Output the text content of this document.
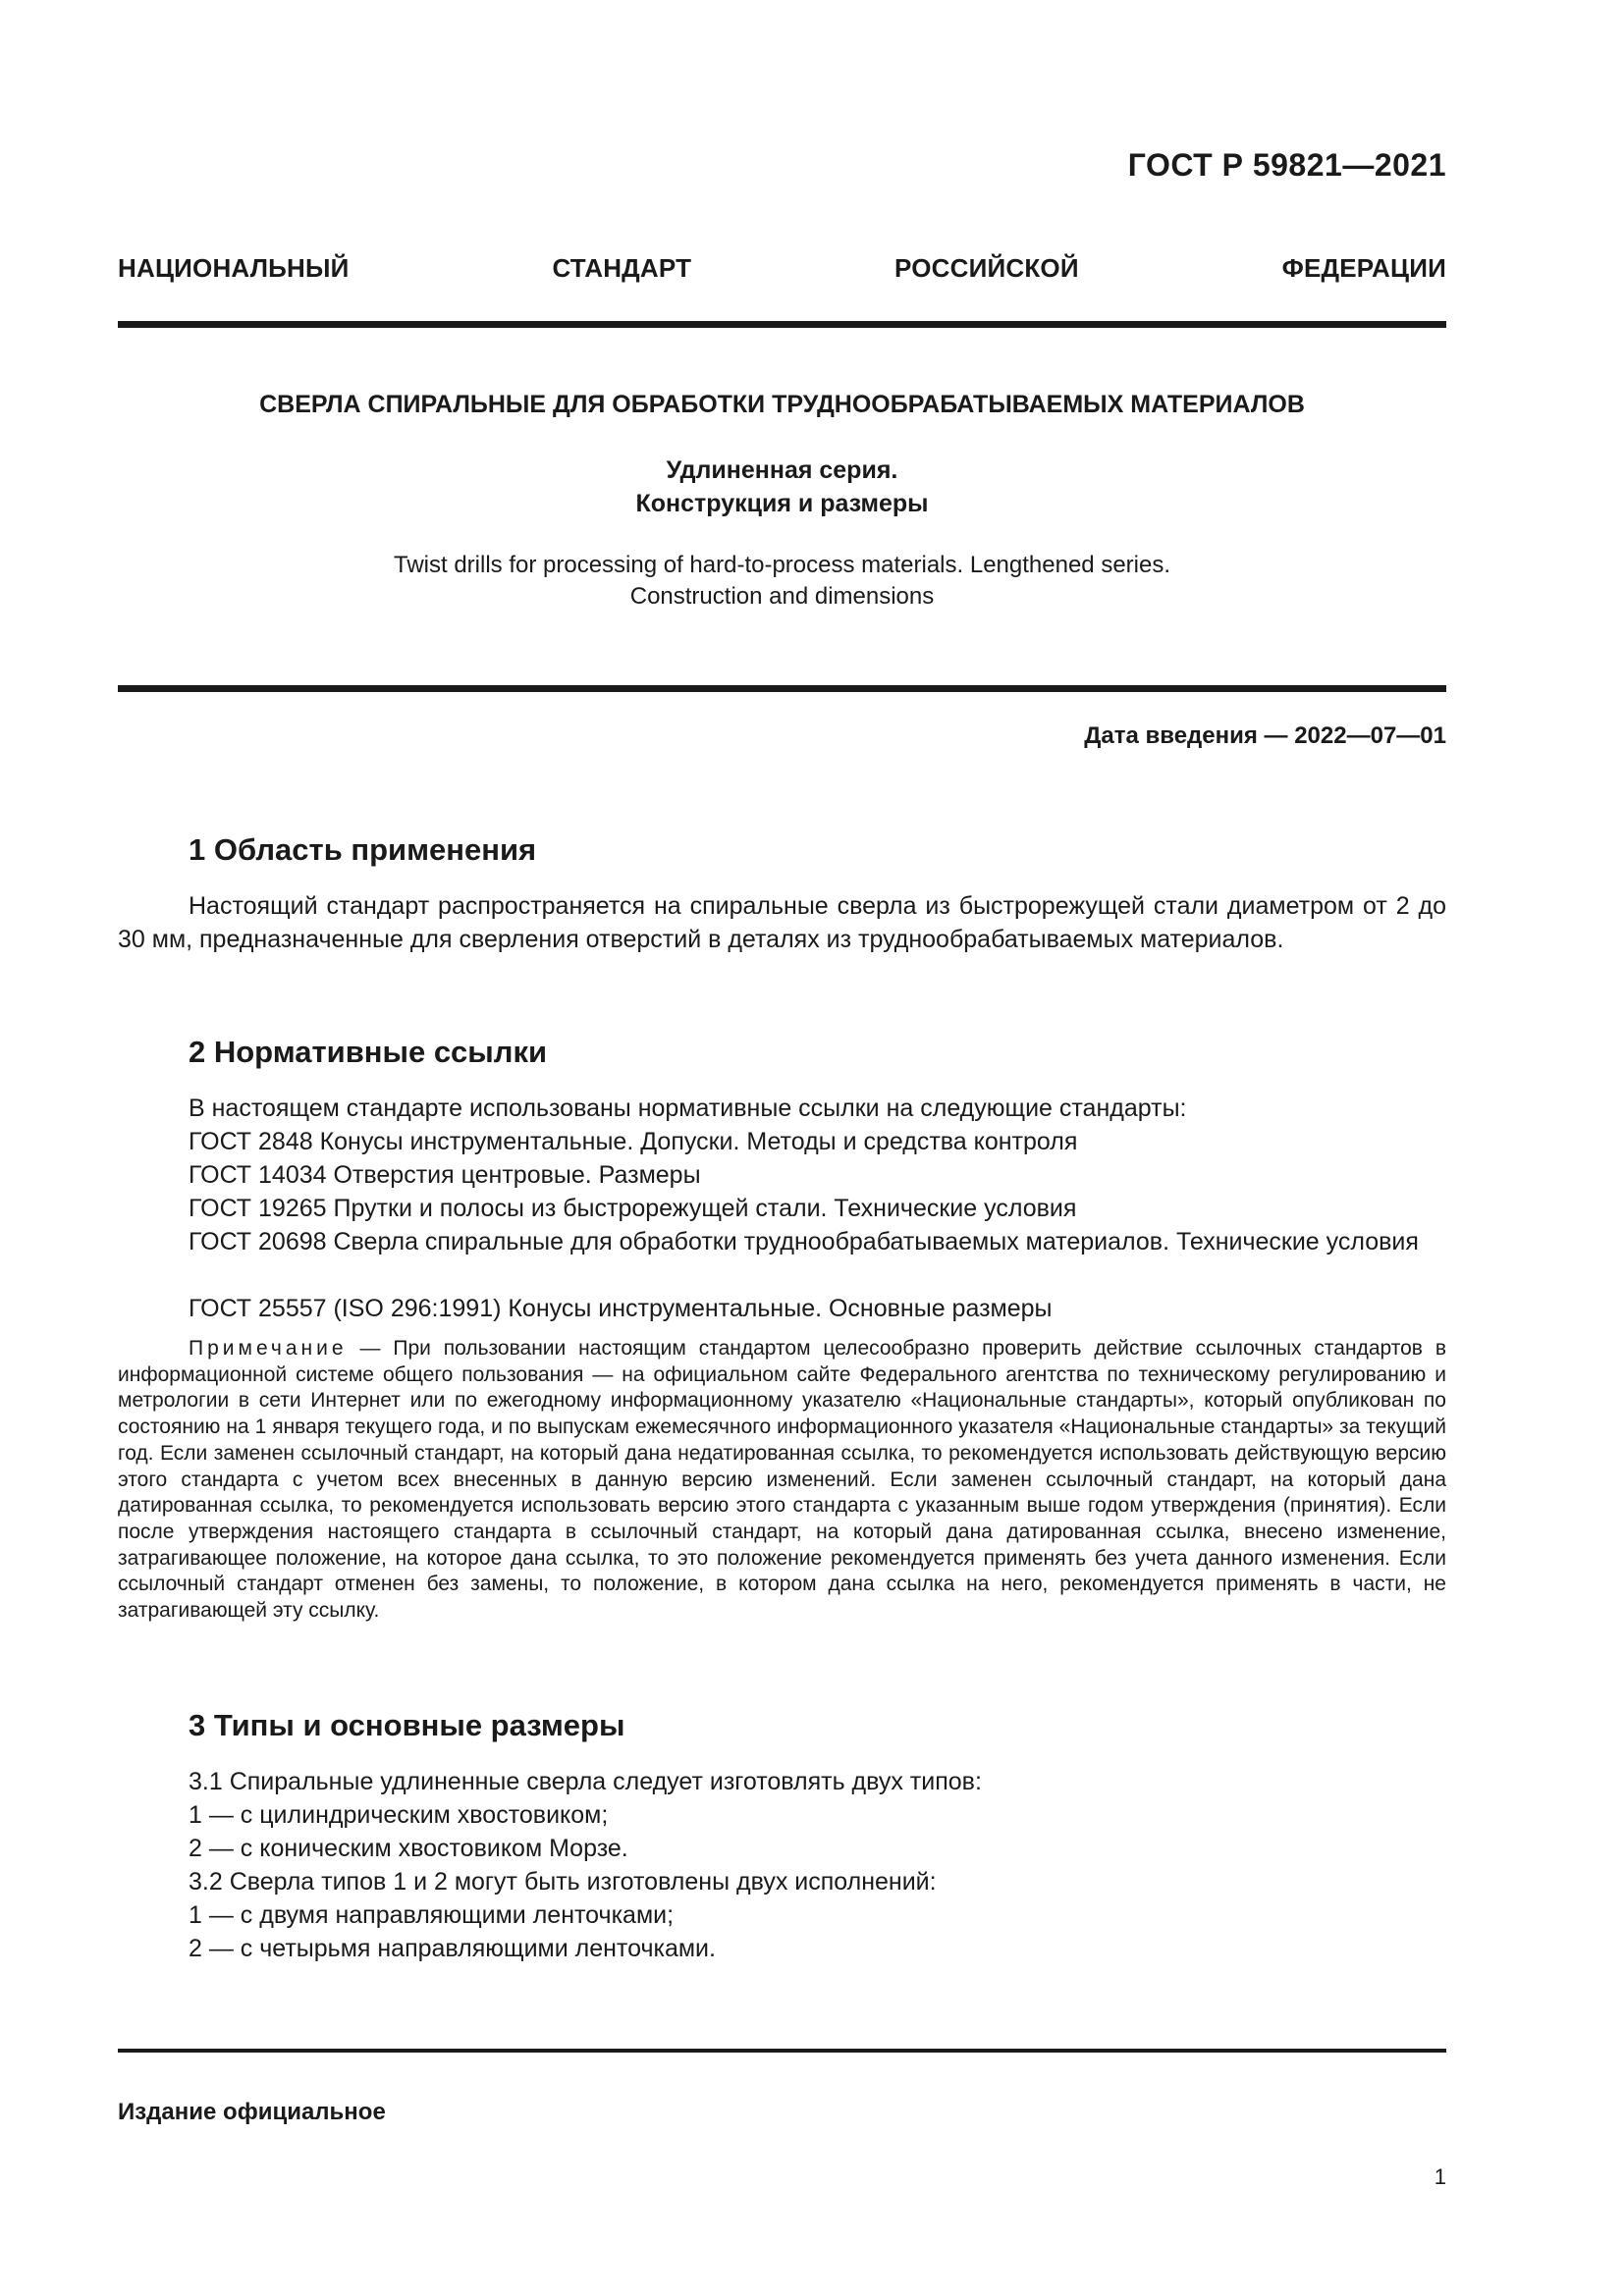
ГОСТ Р 59821—2021
НАЦИОНАЛЬНЫЙ СТАНДАРТ РОССИЙСКОЙ ФЕДЕРАЦИИ
СВЕРЛА СПИРАЛЬНЫЕ ДЛЯ ОБРАБОТКИ ТРУДНООБРАБАТЫВАЕМЫХ МАТЕРИАЛОВ
Удлиненная серия.
Конструкция и размеры
Twist drills for processing of hard-to-process materials. Lengthened series.
Construction and dimensions
Дата введения — 2022—07—01
1 Область применения

Настоящий стандарт распространяется на спиральные сверла из быстрорежущей стали диаметром от 2 до 30 мм, предназначенные для сверления отверстий в деталях из труднообрабатываемых материалов.

2 Нормативные ссылки
В настоящем стандарте использованы нормативные ссылки на следующие стандарты:
ГОСТ 2848 Конусы инструментальные. Допуски. Методы и средства контроля
ГОСТ 14034 Отверстия центровые. Размеры
ГОСТ 19265 Прутки и полосы из быстрорежущей стали. Технические условия

ГОСТ 20698 Сверла спиральные для обработки труднообрабатываемых материалов. Технические условия

ГОСТ 25557 (ISO 296:1991) Конусы инструментальные. Основные размеры

Примечание — При пользовании настоящим стандартом целесообразно проверить действие ссылочных стандартов в информационной системе общего пользования — на официальном сайте Федерального агентства по техническому регулированию и метрологии в сети Интернет или по ежегодному информационному указателю «Национальные стандарты», который опубликован по состоянию на 1 января текущего года, и по выпускам ежемесячного информационного указателя «Национальные стандарты» за текущий год. Если заменен ссылочный стандарт, на который дана недатированная ссылка, то рекомендуется использовать действующую версию этого стандарта с учетом всех внесенных в данную версию изменений. Если заменен ссылочный стандарт, на который дана датированная ссылка, то рекомендуется использовать версию этого стандарта с указанным выше годом утверждения (принятия). Если после утверждения настоящего стандарта в ссылочный стандарт, на который дана датированная ссылка, внесено изменение, затрагивающее положение, на которое дана ссылка, то это положение рекомендуется применять без учета данного изменения. Если ссылочный стандарт отменен без замены, то положение, в котором дана ссылка на него, рекомендуется применять в части, не затрагивающей эту ссылку.

3 Типы и основные размеры
3.1 Спиральные удлиненные сверла следует изготовлять двух типов:
1 — с цилиндрическим хвостовиком;
2 — с коническим хвостовиком Морзе.
3.2 Сверла типов 1 и 2 могут быть изготовлены двух исполнений:
1 — с двумя направляющими ленточками;
2 — с четырьмя направляющими ленточками.
Издание официальное
1
